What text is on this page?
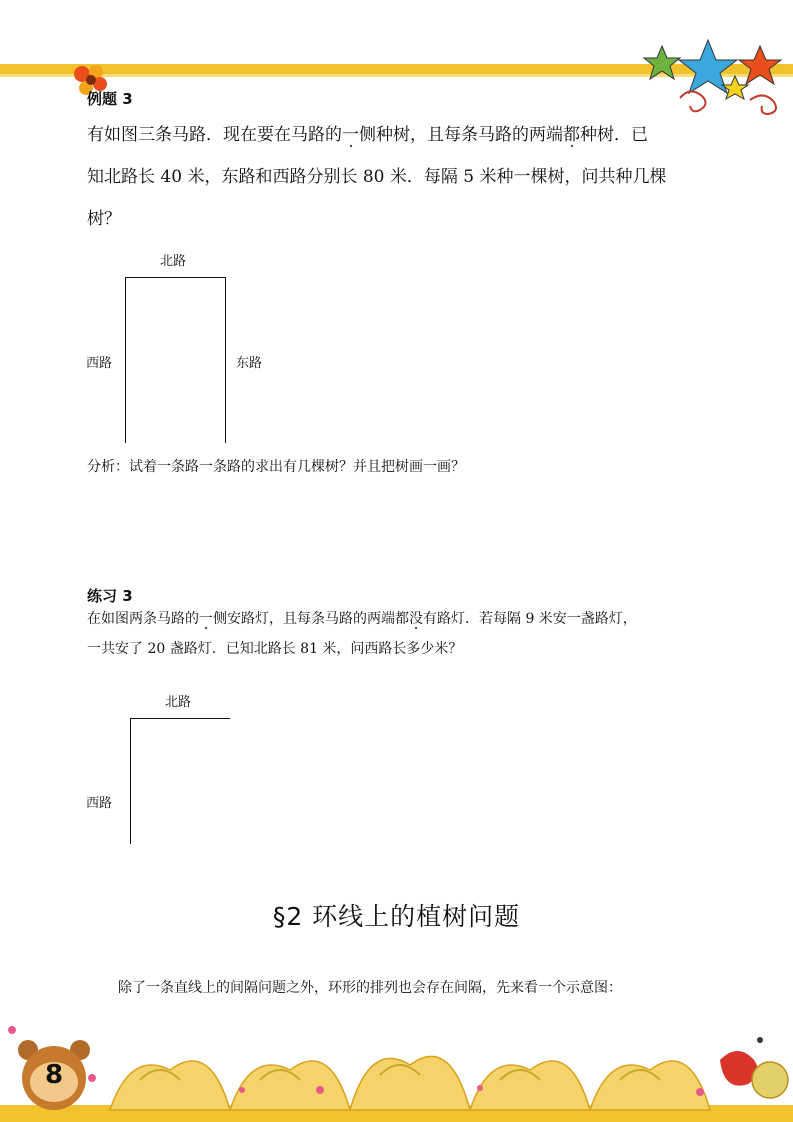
例题 3
有如图三条马路．现在要在马路的一侧种树，且每条马路的两端都种树．已
知北路长 40 米，东路和西路分别长 80 米．每隔 5 米种一棵树，问共种几棵
树？
北路
西路	东路
分析：试着一条路一条路的求出有几棵树？并且把树画一画？
练习 3
在如图两条马路的一侧安路灯，且每条马路的两端都没有路灯．若每隔 9 米安一盏路灯，
一共安了 20 盏路灯．已知北路长 81 米，问西路长多少米？
北路
西路
§2 环线上的植树问题
除了一条直线上的间隔问题之外，环形的排列也会存在间隔，先来看一个示意图：
8
